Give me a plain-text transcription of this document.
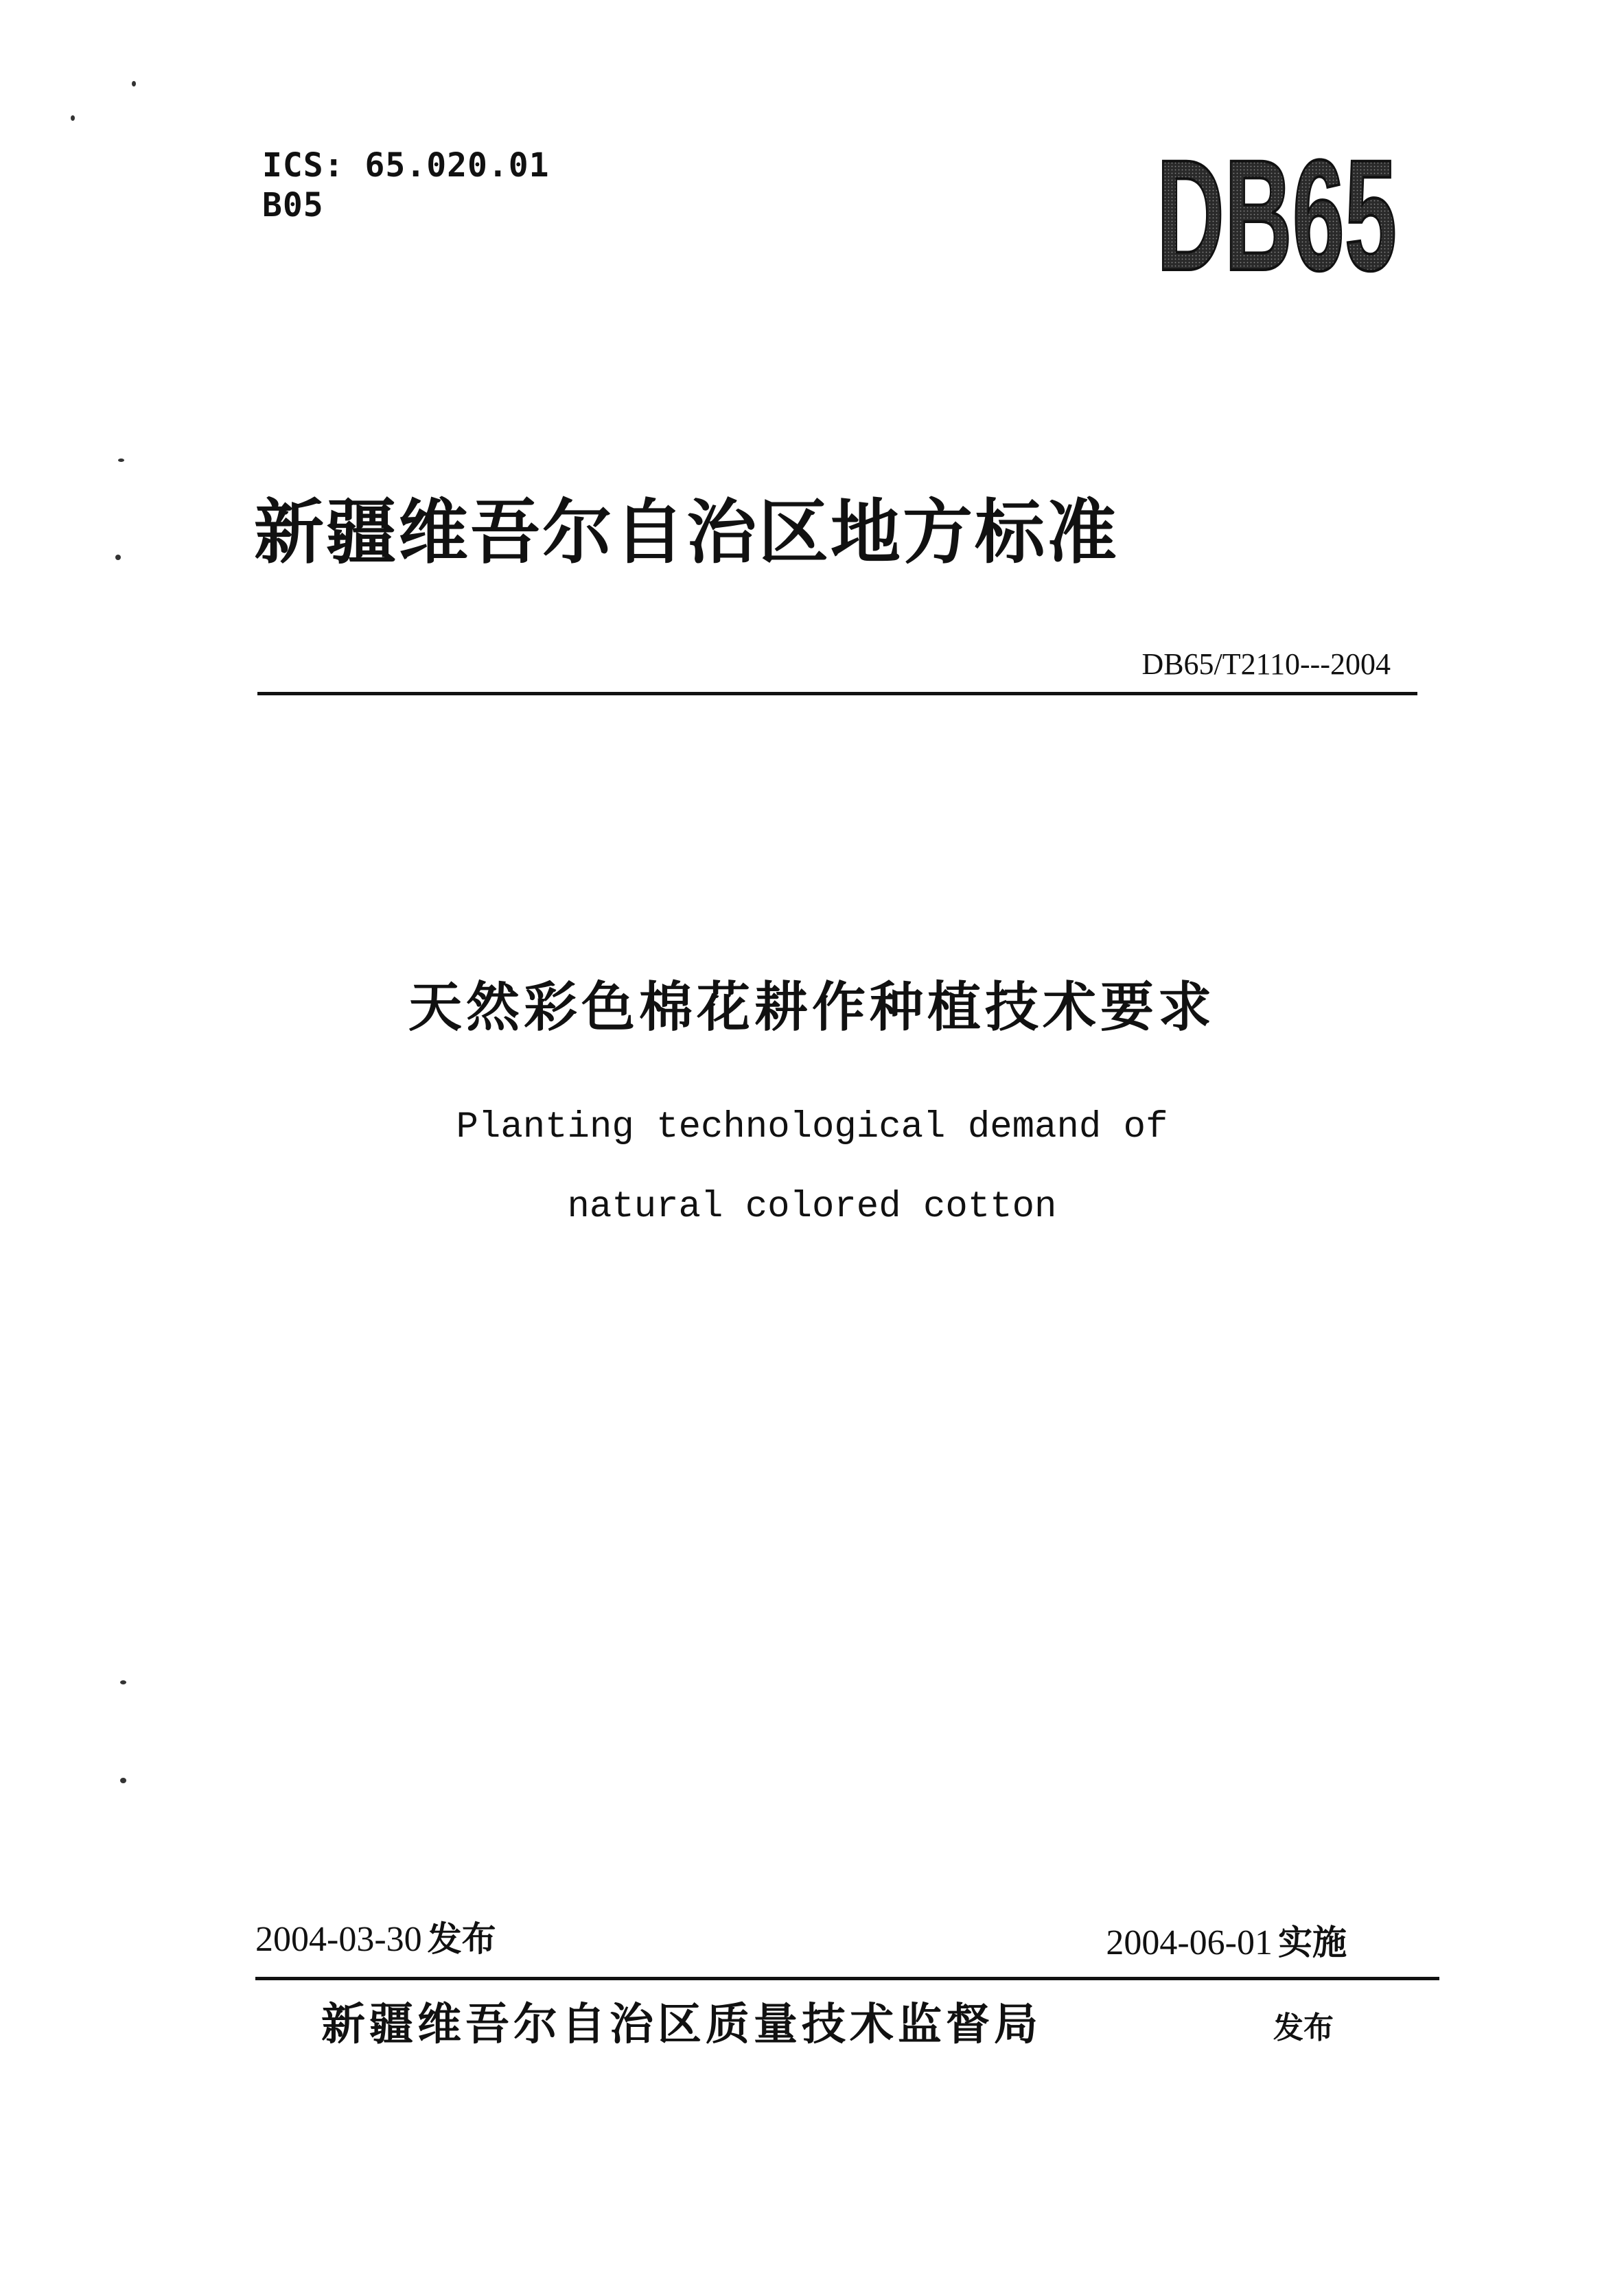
ICS: 65.020.01
B05	DB65
新疆维吾尔自治区地方标准
DB65/T2110---2004
天然彩色棉花耕作种植技术要求
Planting technological demand of
natural colored cotton
2004-03-30 发布	2004-06-01 实施
新疆维吾尔自治区质量技术监督局	发布
